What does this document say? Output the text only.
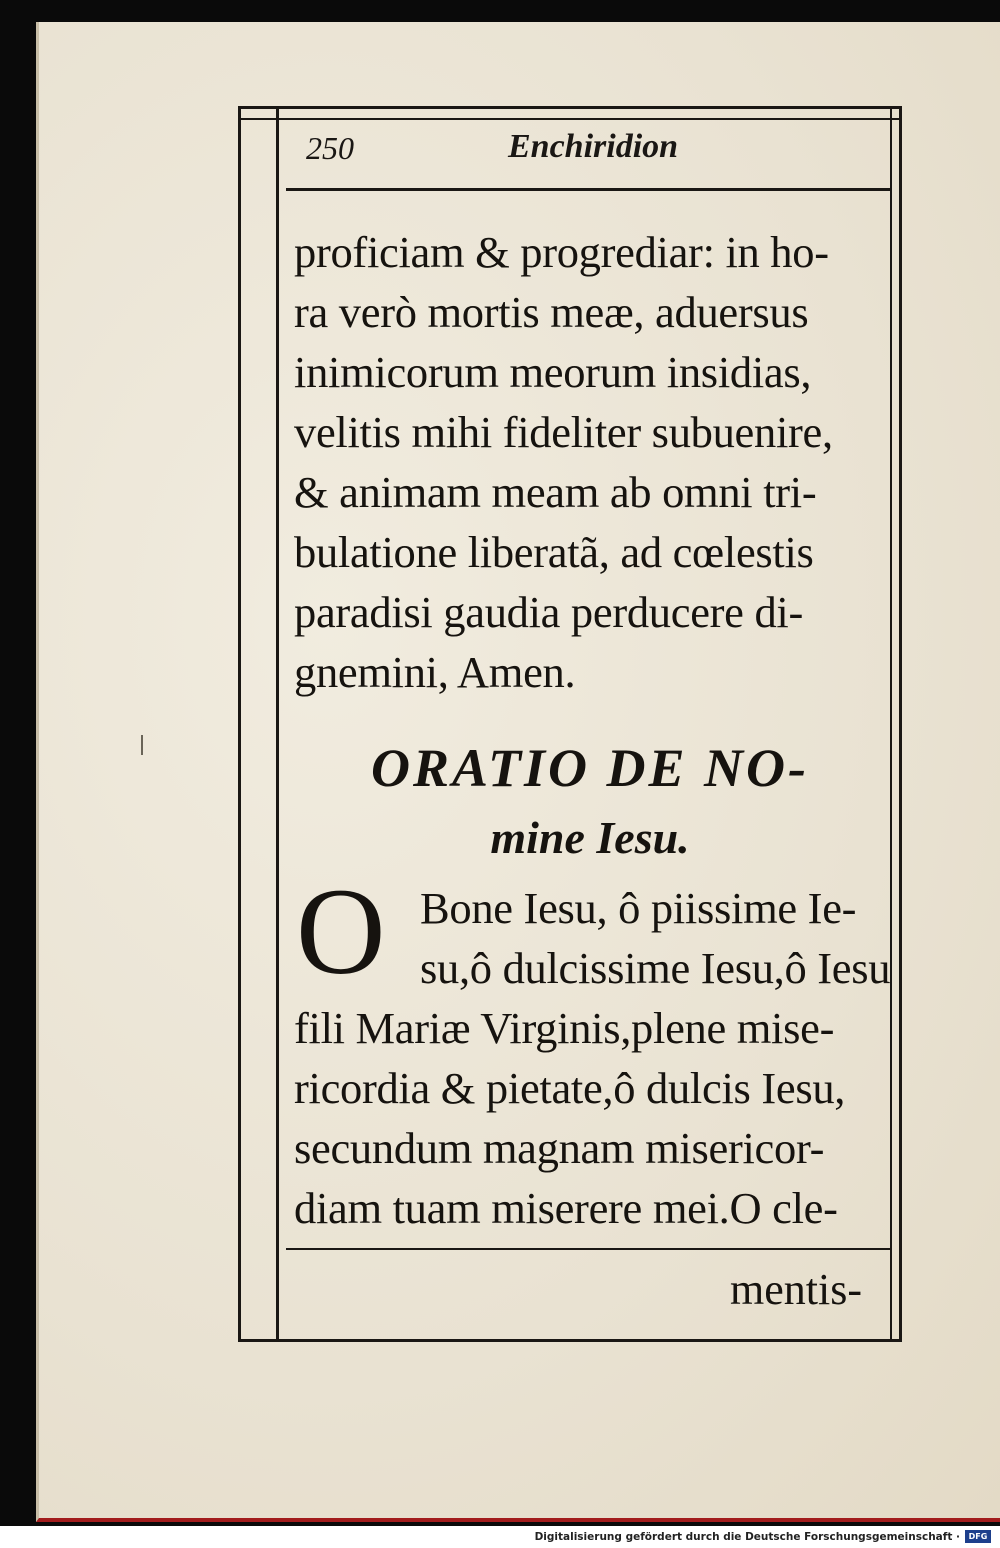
250	Enchiridion
proficiam & progrediar: in ho-
ra verò mortis meæ, aduersus
inimicorum meorum insidias,
velitis mihi fideliter subuenire,
& animam meam ab omni tri-
bulatione liberatã, ad cœlestis
paradisi gaudia perducere di-
gnemini, Amen.
ORATIO DE NO-
mine Iesu.
O Bone Iesu, ô piissime Ie-
su,ô dulcissime Iesu,ô Iesu
fili Mariæ Virginis,plene mise-
ricordia & pietate,ô dulcis Iesu,
secundum magnam misericor-
diam tuam miserere mei.O cle-
mentis-
Digitalisierung gefördert durch die Deutsche Forschungsgemeinschaft ·	DFG
